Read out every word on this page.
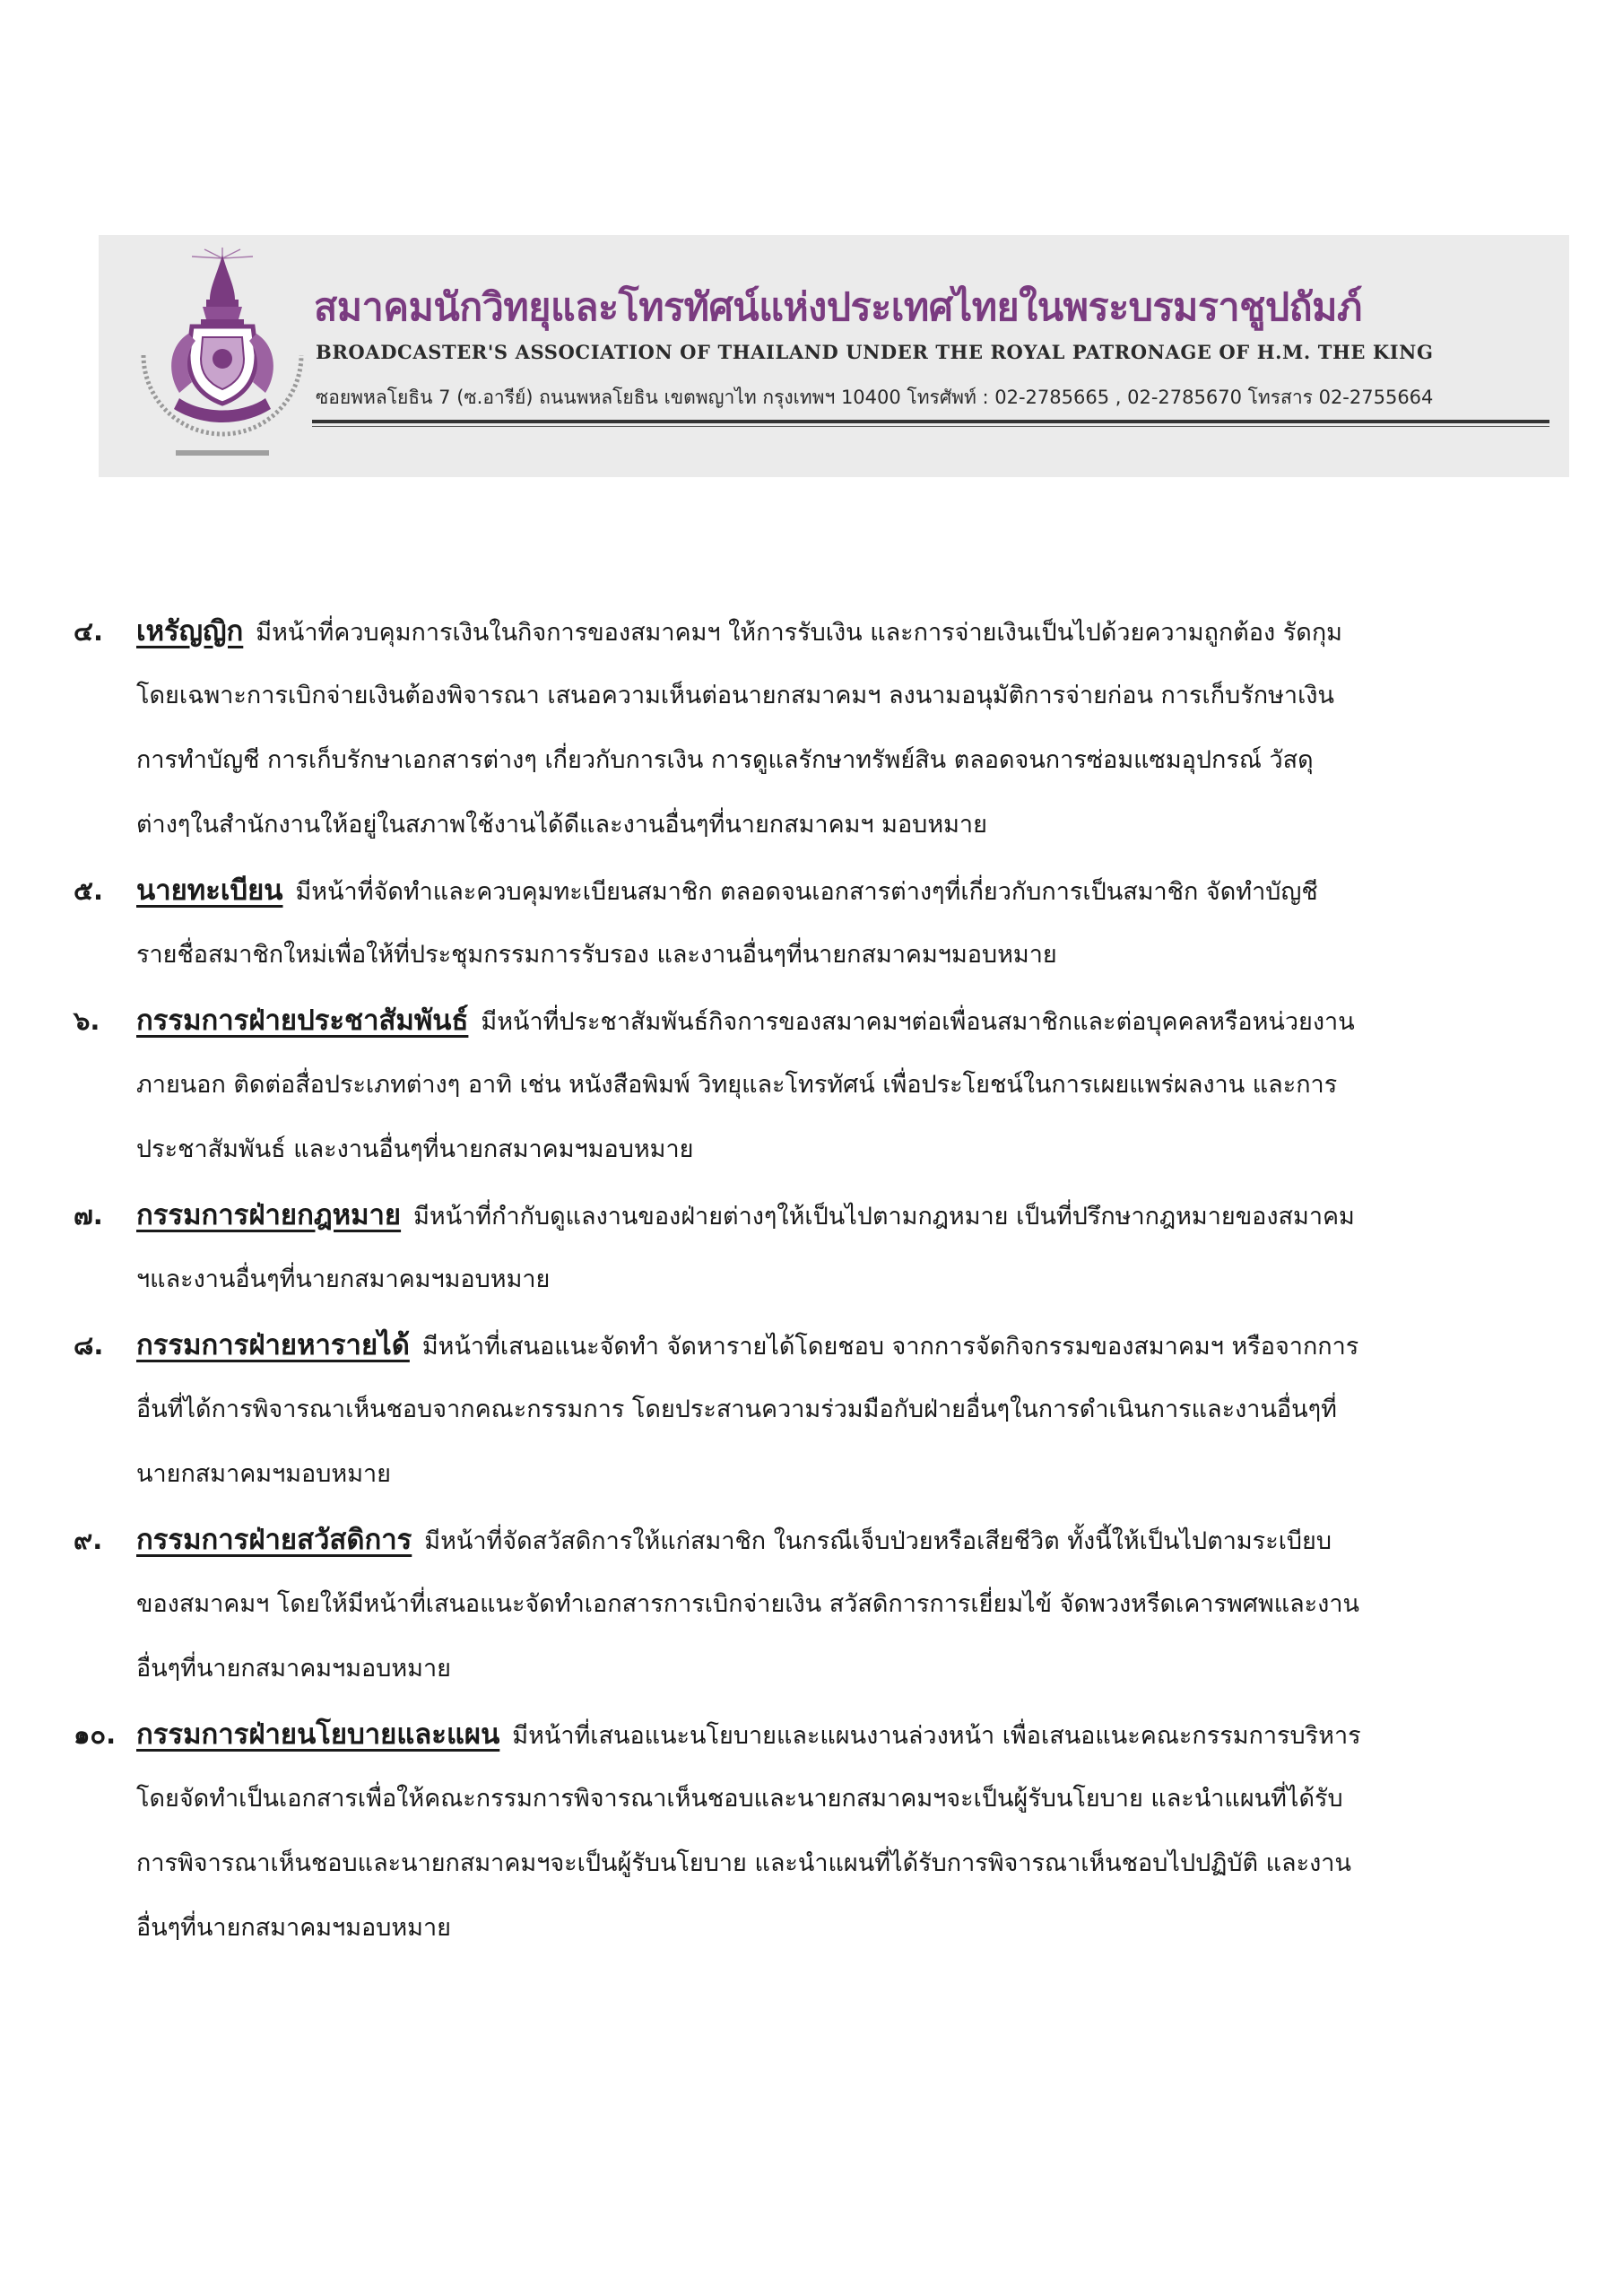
สมาคมนักวิทยุและโทรทัศน์แห่งประเทศไทยในพระบรมราชูปถัมภ์

BROADCASTER'S ASSOCIATION OF THAILAND UNDER THE ROYAL PATRONAGE OF H.M. THE KING

ซอยพหลโยธิน 7 (ซ.อารีย์) ถนนพหลโยธิน เขตพญาไท กรุงเทพฯ 10400 โทรศัพท์ : 02-2785665 , 02-2785670 โทรสาร 02-2755664

๔. เหรัญญิก มีหน้าที่ควบคุมการเงินในกิจการของสมาคมฯ ให้การรับเงิน และการจ่ายเงินเป็นไปด้วยความถูกต้อง รัดกุม

โดยเฉพาะการเบิกจ่ายเงินต้องพิจารณา เสนอความเห็นต่อนายกสมาคมฯ ลงนามอนุมัติการจ่ายก่อน การเก็บรักษาเงิน

การทำบัญชี การเก็บรักษาเอกสารต่างๆ เกี่ยวกับการเงิน การดูแลรักษาทรัพย์สิน ตลอดจนการซ่อมแซมอุปกรณ์ วัสดุ

ต่างๆในสำนักงานให้อยู่ในสภาพใช้งานได้ดีและงานอื่นๆที่นายกสมาคมฯ มอบหมาย

๕. นายทะเบียน มีหน้าที่จัดทำและควบคุมทะเบียนสมาชิก ตลอดจนเอกสารต่างๆที่เกี่ยวกับการเป็นสมาชิก จัดทำบัญชี

รายชื่อสมาชิกใหม่เพื่อให้ที่ประชุมกรรมการรับรอง และงานอื่นๆที่นายกสมาคมฯมอบหมาย

๖. กรรมการฝ่ายประชาสัมพันธ์ มีหน้าที่ประชาสัมพันธ์กิจการของสมาคมฯต่อเพื่อนสมาชิกและต่อบุคคลหรือหน่วยงาน

ภายนอก ติดต่อสื่อประเภทต่างๆ อาทิ เช่น หนังสือพิมพ์ วิทยุและโทรทัศน์ เพื่อประโยชน์ในการเผยแพร่ผลงาน และการ

ประชาสัมพันธ์ และงานอื่นๆที่นายกสมาคมฯมอบหมาย

๗. กรรมการฝ่ายกฎหมาย มีหน้าที่กำกับดูแลงานของฝ่ายต่างๆให้เป็นไปตามกฎหมาย เป็นที่ปรึกษากฎหมายของสมาคม

ฯและงานอื่นๆที่นายกสมาคมฯมอบหมาย

๘. กรรมการฝ่ายหารายได้ มีหน้าที่เสนอแนะจัดทำ จัดหารายได้โดยชอบ จากการจัดกิจกรรมของสมาคมฯ หรือจากการ

อื่นที่ได้การพิจารณาเห็นชอบจากคณะกรรมการ โดยประสานความร่วมมือกับฝ่ายอื่นๆในการดำเนินการและงานอื่นๆที่

นายกสมาคมฯมอบหมาย

๙. กรรมการฝ่ายสวัสดิการ มีหน้าที่จัดสวัสดิการให้แก่สมาชิก ในกรณีเจ็บป่วยหรือเสียชีวิต ทั้งนี้ให้เป็นไปตามระเบียบ

ของสมาคมฯ โดยให้มีหน้าที่เสนอแนะจัดทำเอกสารการเบิกจ่ายเงิน สวัสดิการการเยี่ยมไข้ จัดพวงหรีดเคารพศพและงาน

อื่นๆที่นายกสมาคมฯมอบหมาย

๑๐. กรรมการฝ่ายนโยบายและแผน มีหน้าที่เสนอแนะนโยบายและแผนงานล่วงหน้า เพื่อเสนอแนะคณะกรรมการบริหาร

โดยจัดทำเป็นเอกสารเพื่อให้คณะกรรมการพิจารณาเห็นชอบและนายกสมาคมฯจะเป็นผู้รับนโยบาย และนำแผนที่ได้รับ

การพิจารณาเห็นชอบและนายกสมาคมฯจะเป็นผู้รับนโยบาย และนำแผนที่ได้รับการพิจารณาเห็นชอบไปปฏิบัติ และงาน

อื่นๆที่นายกสมาคมฯมอบหมาย
